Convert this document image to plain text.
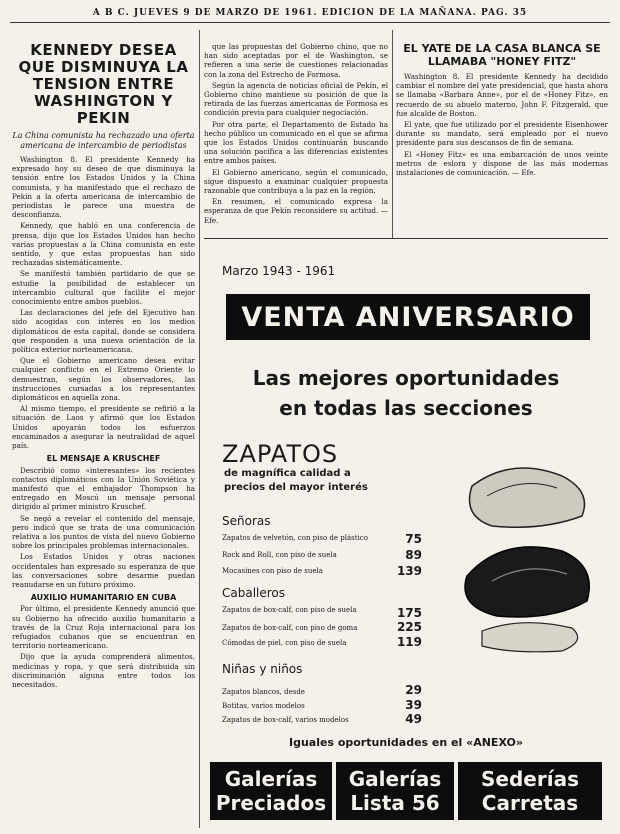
A B C. JUEVES 9 DE MARZO DE 1961. EDICION DE LA MAÑANA. PAG. 35
KENNEDY DESEA QUE DISMINUYA LA TENSION ENTRE WASHINGTON Y PEKIN
La China comunista ha rechazado una oferta americana de intercambio de periodistas

Washington 8. El presidente Kennedy ha expresado hoy su deseo de que disminuya la tensión entre los Estados Unidos y la China comunista, y ha manifestado que el rechazo de Pekín a la oferta americana de intercambio de periodistas le parece una muestra de desconfianza.

Kennedy, que habló en una conferencia de prensa, dijo que los Estados Unidos han hecho varias propuestas a la China comunista en este sentido, y que estas propuestas han sido rechazadas sistemáticamente.

Se manifestó también partidario de que se estudie la posibilidad de establecer un intercambio cultural que facilite el mejor conocimiento entre ambos pueblos.

Las declaraciones del jefe del Ejecutivo han sido acogidas con interés en los medios diplomáticos de esta capital, donde se considera que responden a una nueva orientación de la política exterior norteamericana.

Que el Gobierno americano desea evitar cualquier conflicto en el Extremo Oriente lo demuestran, según los observadores, las instrucciones cursadas a los representantes diplomáticos en aquella zona.

Al mismo tiempo, el presidente se refirió a la situación de Laos y afirmó que los Estados Unidos apoyarán todos los esfuerzos encaminados a asegurar la neutralidad de aquel país.

EL MENSAJE A KRUSCHEF

Describió como «interesantes» los recientes contactos diplomáticos con la Unión Soviética y manifestó que el embajador Thompson ha entregado en Moscú un mensaje personal dirigido al primer ministro Kruschef.

Se negó a revelar el contenido del mensaje, pero indicó que se trata de una comunicación relativa a los puntos de vista del nuevo Gobierno sobre los principales problemas internacionales.

Los Estados Unidos y otras naciones occidentales han expresado su esperanza de que las conversaciones sobre desarme puedan reanudarse en un futuro próximo.

AUXILIO HUMANITARIO EN CUBA

Por último, el presidente Kennedy anunció que su Gobierno ha ofrecido auxilio humanitario a través de la Cruz Roja internacional para los refugiados cubanos que se encuentran en territorio norteamericano.

Dijo que la ayuda comprenderá alimentos, medicinas y ropa, y que será distribuida sin discriminación alguna entre todos los necesitados.

que las propuestas del Gobierno chino, que no han sido aceptadas por el de Washington, se refieren a una serie de cuestiones relacionadas con la zona del Estrecho de Formosa.

Según la agencia de noticias oficial de Pekín, el Gobierno chino mantiene su posición de que la retirada de las fuerzas americanas de Formosa es condición previa para cualquier negociación.

Por otra parte, el Departamento de Estado ha hecho público un comunicado en el que se afirma que los Estados Unidos continuarán buscando una solución pacífica a las diferencias existentes entre ambos países.

El Gobierno americano, según el comunicado, sigue dispuesto a examinar cualquier propuesta razonable que contribuya a la paz en la región.

En resumen, el comunicado expresa la esperanza de que Pekín reconsidere su actitud. — Efe.

EL YATE DE LA CASA BLANCA SE LLAMABA "HONEY FITZ"

Washington 8. El presidente Kennedy ha decidido cambiar el nombre del yate presidencial, que hasta ahora se llamaba «Barbara Anne», por el de «Honey Fitz», en recuerdo de su abuelo materno, John F. Fitzgerald, que fue alcalde de Boston.

El yate, que fue utilizado por el presidente Eisenhower durante su mandato, será empleado por el nuevo presidente para sus descansos de fin de semana.

El «Honey Fitz» es una embarcación de unos veinte metros de eslora y dispone de las más modernas instalaciones de comunicación. — Efe.

Marzo 1943 - 1961
VENTA ANIVERSARIO
Las mejores oportunidades
en todas las secciones
ZAPATOS
de magnífica calidad a
precios del mayor interés
Señoras
Zapatos de velvetón, con piso de plástico	75
Rock and Roll, con piso de suela	89
Mocasines con piso de suela	139
Caballeros
Zapatos de box-calf, con piso de suela	175
Zapatos de box-calf, con piso de goma	225
Cómodas de piel, con piso de suela	119
Niñas y niños
Zapatos blancos, desde	29
Botitas, varios modelos	39
Zapatos de box-calf, varios modelos	49
Iguales oportunidades en el «ANEXO»
Galerías
Preciados
Galerías
Lista 56
Sederías
Carretas
